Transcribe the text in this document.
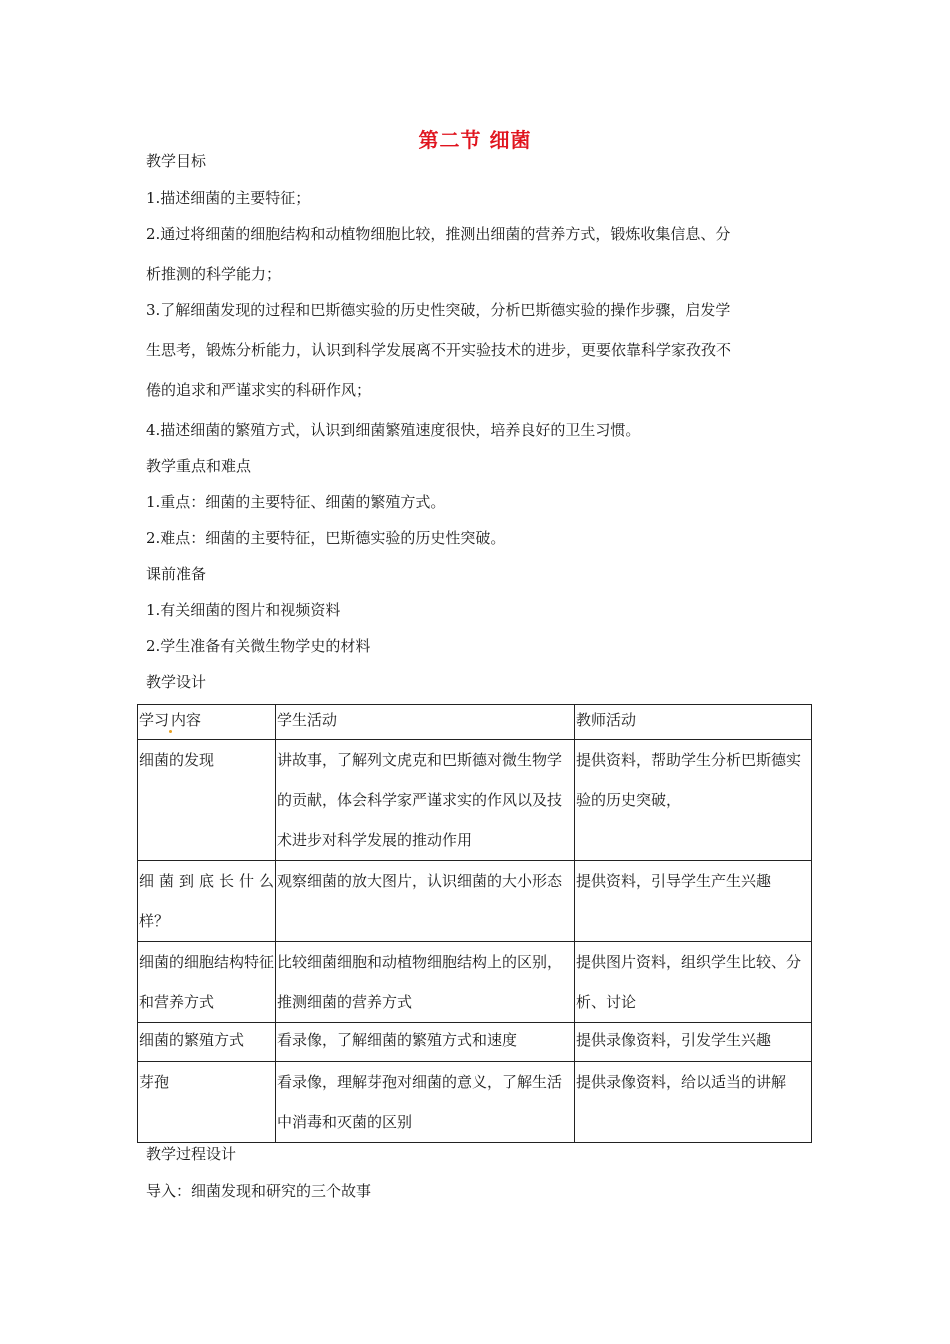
第二节 细菌
教学目标
1.描述细菌的主要特征；
2.通过将细菌的细胞结构和动植物细胞比较，推测出细菌的营养方式，锻炼收集信息、分
析推测的科学能力；
3.了解细菌发现的过程和巴斯德实验的历史性突破，分析巴斯德实验的操作步骤，启发学
生思考，锻炼分析能力，认识到科学发展离不开实验技术的进步，更要依靠科学家孜孜不
倦的追求和严谨求实的科研作风；
4.描述细菌的繁殖方式，认识到细菌繁殖速度很快，培养良好的卫生习惯。
教学重点和难点
1.重点：细菌的主要特征、细菌的繁殖方式。
2.难点：细菌的主要特征，巴斯德实验的历史性突破。
课前准备
1.有关细菌的图片和视频资料
2.学生准备有关微生物学史的材料
教学设计
学习 内容	学生活动	教师活动
细菌的发现	讲故事，了解列文虎克和巴斯德对微生物学的贡献，体会科学家严谨求实的作风以及技术进步对科学发展的推动作用	提供资料，帮助学生分析巴斯德实验的历史突破，
细 菌 到 底 长 什 么样？	观察细菌的放大图片，认识细菌的大小形态	提供资料，引导学生产生兴趣
细菌的细胞结构特征和营养方式	比较细菌细胞和动植物细胞结构上的区别，推测细菌的营养方式	提供图片资料，组织学生比较、分析、讨论
细菌的繁殖方式	看录像，了解细菌的繁殖方式和速度	提供录像资料，引发学生兴趣
芽孢	看录像，理解芽孢对细菌的意义，了解生活中消毒和灭菌的区别	提供录像资料，给以适当的讲解
教学过程设计
导入：细菌发现和研究的三个故事
